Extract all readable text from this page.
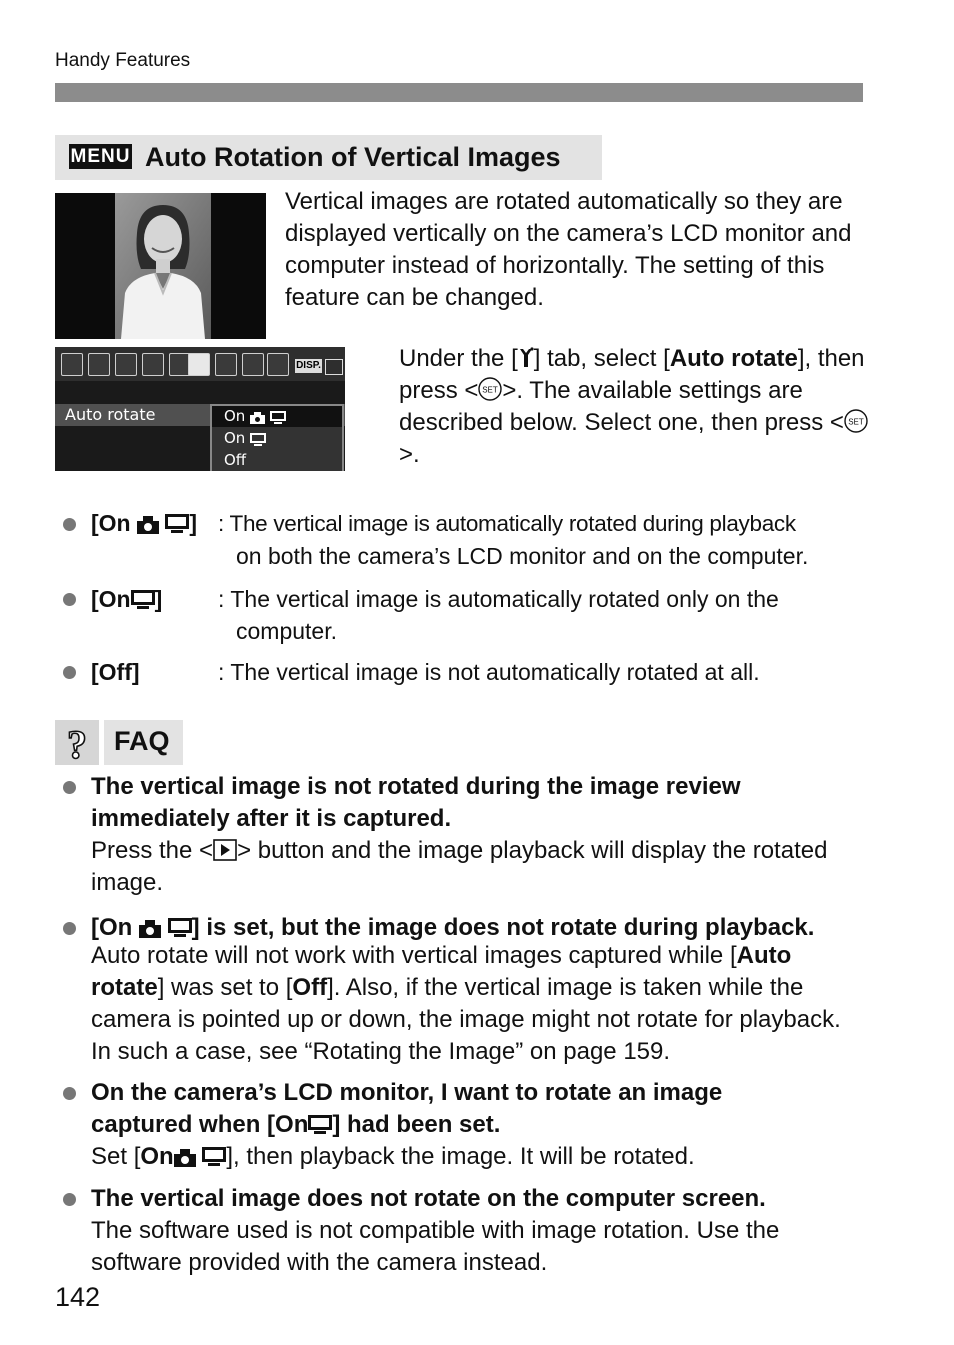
Handy Features
MENU Auto Rotation of Vertical Images
Vertical images are rotated automatically so they are displayed vertically on the camera’s LCD monitor and computer instead of horizontally. The setting of this feature can be changed.
DISP.
Auto rotate	On
On
Off
Under the [ ] tab, select [Auto rotate], then press < SET >. The available settings are described below. Select one, then press < SET
>.
[On	] : The vertical image is automatically rotated during playback
on both the camera’s LCD monitor and on the computer.
[On ] : The vertical image is automatically rotated only on the
computer.
[Off]	: The vertical image is not automatically rotated at all.
? FAQ
The vertical image is not rotated during the image review immediately after it is captured.
Press the < > button and the image playback will display the rotated image.
[On ] is set, but the image does not rotate during playback.
Auto rotate will not work with vertical images captured while [Auto rotate] was set to [Off]. Also, if the vertical image is taken while the camera is pointed up or down, the image might not rotate for playback. In such a case, see “Rotating the Image” on page 159.
On the camera’s LCD monitor, I want to rotate an image captured when [On ] had been set.
Set [On ], then playback the image. It will be rotated.
The vertical image does not rotate on the computer screen.
The software used is not compatible with image rotation. Use the software provided with the camera instead.
142
